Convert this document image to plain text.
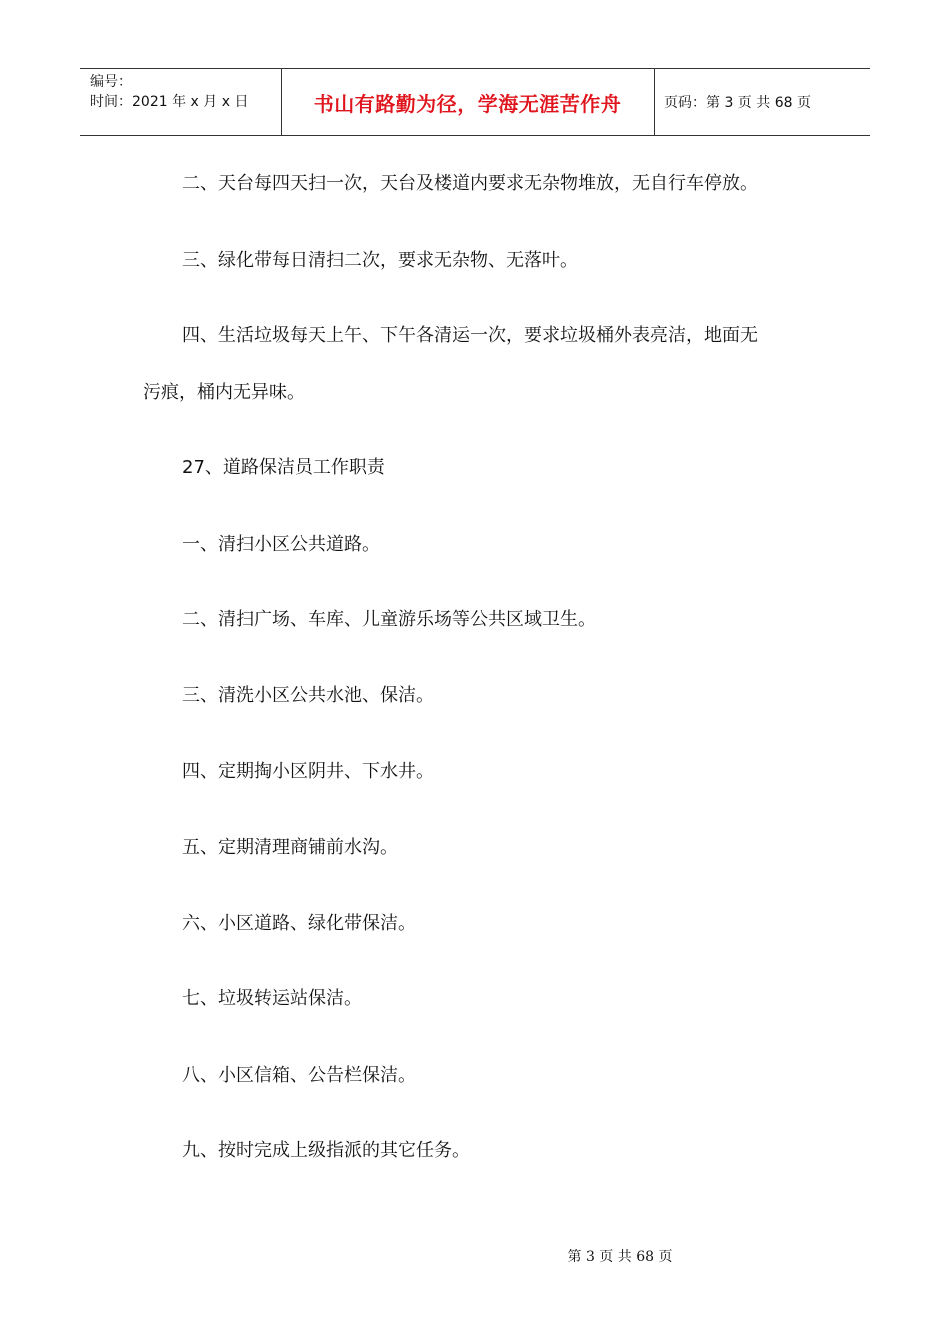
编号：
时间：2021 年 x 月 x 日	书山有路勤为径，学海无涯苦作舟	页码：第 3 页 共 68 页
二、天台每四天扫一次，天台及楼道内要求无杂物堆放，无自行车停放。
三、绿化带每日清扫二次，要求无杂物、无落叶。
四、生活垃圾每天上午、下午各清运一次，要求垃圾桶外表亮洁，地面无
污痕，桶内无异味。
27、道路保洁员工作职责
一、清扫小区公共道路。
二、清扫广场、车库、儿童游乐场等公共区域卫生。
三、清洗小区公共水池、保洁。
四、定期掏小区阴井、下水井。
五、定期清理商铺前水沟。
六、小区道路、绿化带保洁。
七、垃圾转运站保洁。
八、小区信箱、公告栏保洁。
九、按时完成上级指派的其它任务。
第 3 页 共 68 页
